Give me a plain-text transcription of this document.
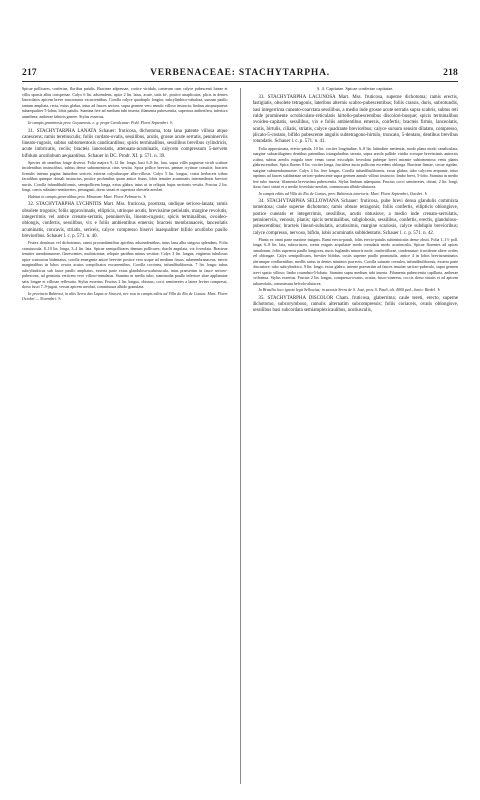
217	VERBENACEAE: STACHYTARPHA.	218

Spicae pollicares, confertae, floribus patulis. Bracteae adpressae, cortice viridula, caeterum cum calyce pubescenti luteae et villis sparsis albis conspersae. Calyx 6 lin. adscendens, apice 2 lin. latus, acute, satis bi-, postice unaplicatus, plicis in dentes lanceolatos apicem breve mucronatos excurrentibus. Corolla calyce quadruplo longior, subcylindrico-tubulosa, sursum paullo tantum ampliata, recta, extus glabra, intus ad fauces sericea, supra germen vero annulo villoso instructa; limbus atropurpureus subaequaliter 5-lobus, lobis patulis. Stamina fere ad medium tubi inserta; filamenta pubescentia, superiora antheriferа, inferiora anaethera; antherae fabriris genere. Stylus exsertus.

In campis graminosis prov. Goyazensis, e. g. prope Cavalcante: Pohl. Floret Septembri. ♄

31. STACHYTARPHA LANATA Schauer: fruticosa, dichotoma, tota lana patente villosa atque canescens; ramis teretiusculis; foliis cordato-ovatis, sessilibus, acutis, grosse acute serratis, penninerviis lineato-rugosis, subtus subtomentosis candicantibus; spicis terminalibus, sessilibus brevibus cylindricis, acute imbricatis, ceciis; bracteis lanceolatis, attenuato-acuminatis, calycem compressum 5-nervem bifidum acutilobum aequantibus. Schauer in DC. Prodr. XI. p. 571. n. 39.

Species ab omnibus longe diversa. Folia majora 9–12 lin. longa, basi 6–8 lin. lata, supra villis pagineae viridi scabrae incidentibus instructibus, subtus dense subtomentosis cinis vestita. Spica pollice brevior, pennae crytinae crassitie, bracteis firmulis interna pagina lanuribus sericeis externa calyxibusque albo-villosis. Calyx 5 lin. longus, costis herbaceis tribus facialibus quinque dorsali instructus, postice profundius quam antice fissus, lobis tenuiter acuminatis intermedentis breviori nuctis. Corolla infundibuliformis, semipollicem longa, extus glabra, intus ut in reliquis hujus sectionis vestita. Fructus 2 lin. longi, caecis subulato-semiteretes, perangusti, dorso striati et superiora obesiela areolati.

Habitat in campis generalibus prov. Minarum: Mart. Floret Februario. ♄

32. STACHYTARPHA LYCHNITIS Mart. Mss. fruticosa, prostrata, undique sericeo-lanata; ramis obsolete trogonis; foliis approximatis, ellipticis, utrinque acutis, brevissime petiolatis, margine revolutis, integerrimis vel antice crenato-serratis, penninerviis, lineato-rugosis; spicis terminalibus, ovoideo-oblongis, confertis, sessilibus, vix e foliis ambientibus emersis; bracteis membranaceis, lanceolatis acuminatis, concavis, striatis, sericeis, calyce compresso biservi inaequaliter bifido acutilobo paullo brevioribus. Schauer l. c. p. 571. n. 40.

Frutex demissus vel dichotomus, ramis procumbentibus apicibus adscendentibus, intus lana alba strigosa splendens. Folia crassiuscula, 8–10 lin. longa, 3–4 lin. lata. Spicae semipollicares demum pollicares; rhachi angulata, vix foveolata. Bracteae tenuiter membranaceae, flavescentes, multistriatae, reliquie partibus minus vestitae. Calyx 3 lin. longus, virgineus tubulosus apice contractus bidentatus, corolla emergente antice breviter postice vero usque ad medium fissus, submembranaceus, nervis marginalibus in lobos ovatos acutos compilicatos excurrentibus. Corolla coccinea, infundibuliformis, 7 lin. longa; tubus subcylindricus sub fauce paullo ampliatus, exserta parte extus glandulosa-scabriuscula, intus praesertim in fauce sericeo-pubescens, ad germinis verticem vero villoso-annulatus. Stamina in medio tubo; staminodia paullo inferiore sitae applanatae satis longae et villosae reflexatia. Stylus exsertus. Fructus 2 lin. longus, obtusus; cocci semiteretes a latere leviter compressi, dorso fusci 7–9-jugati, versus apicem areolati, commissura albido granulata.

In provincia Bahiensi, in altis Serra das Lapas et Sincorá, nec non in campis editis ad Villa do Rio de Contas: Mart. Floret Octobri — Novembri. ♄

§. 4. Capitatae. Spicae confertae capitatae.

33. STACHYTARPHA LACUNOSA Mart. Mss. fruticosa, superne dichotoma; ramis erectis, fastigiatis, obsolete tetragonis, lateribus alternis scabro-pubescentibus; foliis crassis, duris, subrotundis, basi integerrima cuneato-coarctata sessilibus, a medio inde grosse acute serratis supra scabris, subtus reti valde prominente scrobiculato-reticulatis hirtello-pubescentibus discolori-busque; spicis terminalibus ovoideo-capitatis, sessilibus, vix e foliis ambientibus emersis, confertis; bracteis firmis, lanceolatis, acutis, hirtulis, ciliatis, striatis, calyce quadrante brevioribus; calyce sursum sensim dilatato, compresso, plicato-5-costato, bifido pubescente angulis subtetragono-hirtulo, truncato, 5-dentato, dentibus brevibus rotundatis. Schauer l. c. p. 571. n. 41.

Folia approximata, erecto-patula, 10 lin. circiter longitudine, 6–8 lin. latitudine metientia, modo plana modo canaliculata, margine subcartilagineo dentibus patentibus triangularibus serrata, supra areola pallide viridia scrisque brevissimis antrorsis scabra, subtus areolis exigula inter venas crassi exsculptis foveolata pubeque brevi mirante subtomentosa venis planis glabrescentibus. Spica florens 8 lin. circiter longa, fructifera aucta pollicem excedens oblonga. Bracteae firmae, circae rigidae, margine submembranaceae. Calyx 4 lin. fere longus. Corolla infundibuliformis, extus glabra; tubo calycem aequante, intus inprimis ad fauces sublineatae sericeo-pubescente supra germen annulo villoso instructo; limbo brevi, 5-lobo. Stamina in medio fere tubo inserta; filamenta brevissima pubescentia. Stylus limbum adaequans. Fructus cocci semiteretes, obtusi, 2 lin. longi, dorso fusci striati et a medio foveolato-areolati, commissura albido-aliutacea.

In campis editis ad Villa do Rio de Contas, prov. Bahiensis interioris: Mart. Floret Septembri, Octobri. ♄

34. STACHYTARPHA SELLOWIANA Schauer: fruticosa, pube brevi densa glandulis commixta tomentosa; caule superne dichotomo; ramis obtuse tetragonis; foliis confertis, ellipticis oblongisve, postice cuneatis et integerrimis, sessilibus, acutis obtusisve, a medio inde crenato-serrulatis, penninerviis, venosis, planis; spicis terminalibus, subglobosis, sessilibus, confertis, erectis, glanduloso-pubescentibus; bracteis lineari-subulatis, acutissimis, margine scariosis, calyce subduplo brevioribus; calyce compresso, nervoso, bifido, lobis acuminatis subbidentatis. Schauer l. c. p. 571. n. 42.

Planta ex omni parte maxime insignis. Rami erecto-patuli, foliis erecto-patulis subimbricatis dense obsiti. Folia 1–1½ poll. longa, 6–8 lin. lata, subcoriacea, crenis exiguis acquilatae modo crenulatis modo acutiusculis. Spicae florentes ad apices ramulorum, foliis supremis paullo longiores, nucis Juglandis minoris mole, confertiflorae, condensatae; fructiferae altere ovales vel oblongae. Calyx semipollicaris, breviter bifidus, costis superne paullo prominulis, antice 4 in lobos breviacuminatos plerumque confluentibus, medlis rarius in dentes minimos porrectis. Corolla saturate coerulea, infundibuliformis, exserta parte obscuriore; tubo subcylindrico, 9 lin. longo, extus glabro, interne praesertim ad fauces tenuiter sericeo-puberulo, supra germen brevi spatio villoso; limbo rotundato-5-lobato. Stamina supra medium tubi inserta. Filamenta pubescentia capillaria, antherae oviformia. Stylus exsertus. Fructus 2 lin. longus, compresso-ovatus, acutus, fusco-cinereus, coccis dorso striatis et ad apicem subareolatis, commissura helvolo-alutacea.

In Brasilia loco ignoto legit Sellowius; in saxosis Serra de S. José, prov. S. Pauli, alt. 4000 ped., Junio: Riedel. ♄

35. STACHYTARPHA DISCOLOR Cham. fruticosa, glaberrima; caule tereti, erecto, superne dichotomo, subcorymboso, ramulis alternatim subcompressis; foliis coriaceis, ovatis oblongisve, sessilibus basi subcordata semiamplexicaulibus, acutiusculis,
